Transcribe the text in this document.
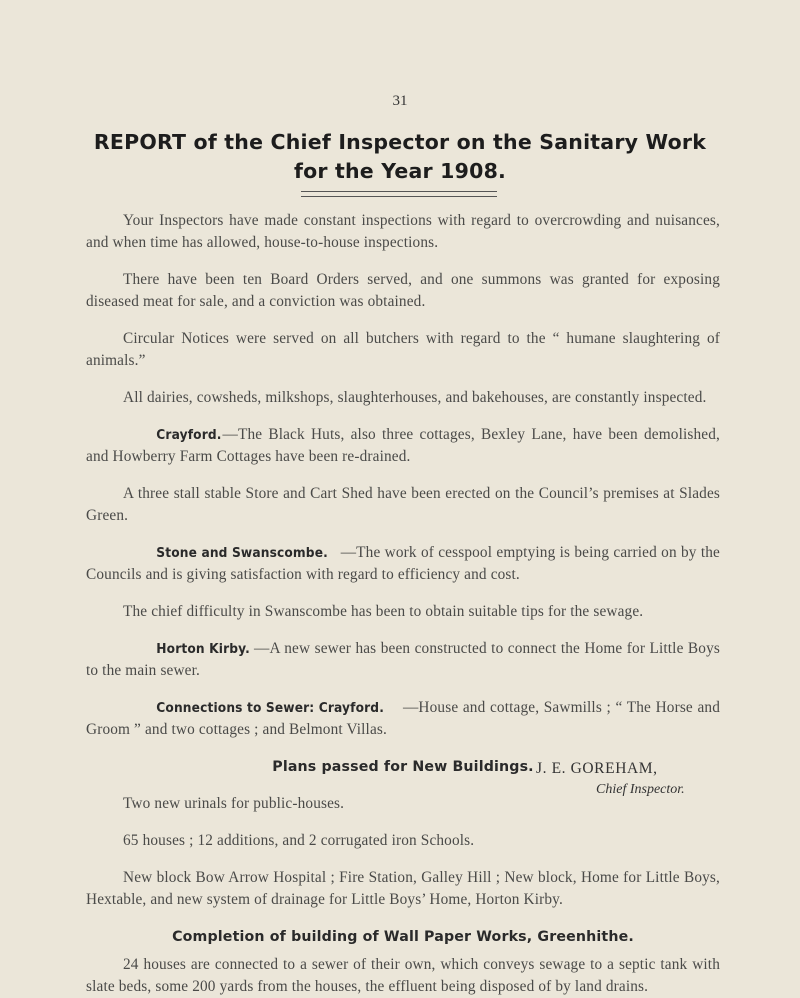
31
REPORT of the Chief Inspector on the Sanitary Work
for the Year 1908.

Your Inspectors have made constant inspections with regard to overcrowding and nuisances, and when time has allowed, house-to-house inspections.

There have been ten Board Orders served, and one summons was granted for exposing diseased meat for sale, and a conviction was obtained.

Circular Notices were served on all butchers with regard to the “ humane slaughtering of animals.”

All dairies, cowsheds, milkshops, slaughterhouses, and bakehouses, are constantly inspected.

Crayford.—The Black Huts, also three cottages, Bexley Lane, have been demolished, and Howberry Farm Cottages have been re-drained.

A three stall stable Store and Cart Shed have been erected on the Council’s premises at Slades Green.

Stone and Swanscombe. —The work of cesspool emptying is being carried on by the Councils and is giving satisfaction with regard to efficiency and cost.

The chief difficulty in Swanscombe has been to obtain suitable tips for the sewage.

Horton Kirby. —A new sewer has been constructed to connect the Home for Little Boys to the main sewer.

Connections to Sewer: Crayford. —House and cottage, Sawmills ; “ The Horse and Groom ” and two cottages ; and Belmont Villas.

Plans passed for New Buildings.

Two new urinals for public-houses.

65 houses ; 12 additions, and 2 corrugated iron Schools.

New block Bow Arrow Hospital ; Fire Station, Galley Hill ; New block, Home for Little Boys, Hextable, and new system of drainage for Little Boys’ Home, Horton Kirby.

Completion of building of Wall Paper Works, Greenhithe.

24 houses are connected to a sewer of their own, which conveys sewage to a septic tank with slate beds, some 200 yards from the houses, the effluent being disposed of by land drains.

J. E. GOREHAM,
Chief Inspector.
